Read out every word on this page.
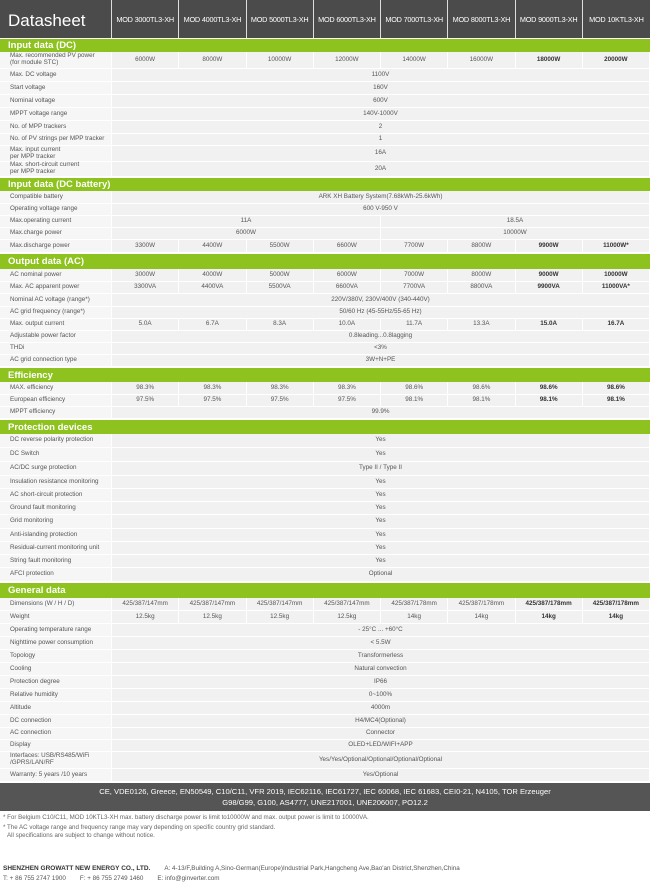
Datasheet	MOD 3000TL3-XH	MOD 4000TL3-XH	MOD 5000TL3-XH	MOD 6000TL3-XH	MOD 7000TL3-XH	MOD 8000TL3-XH	MOD 9000TL3-XH	MOD 10KTL3-XH
Input data (DC)
Max. recommended PV power
(for module STC)	6000W	8000W	10000W	12000W	14000W	16000W	18000W	20000W
Max. DC voltage	1100V
Start voltage	160V
Nominal voltage	600V
MPPT voltage range	140V-1000V
No. of MPP trackers	2
No. of PV strings per MPP tracker	1
Max. input current
per MPP tracker	16A
Max. short-circuit current
per MPP tracker	20A
Input data (DC battery)
Compatible battery	ARK XH Battery System(7.68kWh-25.6kWh)
Operating voltage range	600 V-950 V
Max.operating current	11A	18.5A
Max.charge power	6000W	10000W
Max.discharge power	3300W	4400W	5500W	6600W	7700W	8800W	9900W	11000W*
Output data (AC)
AC nominal power	3000W	4000W	5000W	6000W	7000W	8000W	9000W	10000W
Max. AC apparent power	3300VA	4400VA	5500VA	6600VA	7700VA	8800VA	9900VA	11000VA*
Nominal AC voltage (range*)	220V/380V, 230V/400V (340-440V)
AC grid frequency (range*)	50/60 Hz (45-55Hz/55-65 Hz)
Max. output current	5.0A	6.7A	8.3A	10.0A	11.7A	13.3A	15.0A	16.7A
Adjustable power factor	0.8leading...0.8lagging
THDi	<3%
AC grid connection type	3W+N+PE
Efficiency
MAX. efficiency	98.3%	98.3%	98.3%	98.3%	98.6%	98.6%	98.6%	98.6%
European efficiency	97.5%	97.5%	97.5%	97.5%	98.1%	98.1%	98.1%	98.1%
MPPT efficiency	99.9%
Protection devices
DC reverse polarity protection	Yes
DC Switch	Yes
AC/DC surge protection	Type II / Type II
Insulation resistance monitoring	Yes
AC short-circuit protection	Yes
Ground fault monitoring	Yes
Grid monitoring	Yes
Anti-islanding protection	Yes
Residual-current monitoring unit	Yes
String fault monitoring	Yes
AFCI protection	Optional
General data
Dimensions (W / H / D)	425/387/147mm	425/387/147mm	425/387/147mm	425/387/147mm	425/387/178mm	425/387/178mm	425/387/178mm	425/387/178mm
Weight	12.5kg	12.5kg	12.5kg	12.5kg	14kg	14kg	14kg	14kg
Operating temperature range	- 25°C ... +60°C
Nighttime power consumption	< 5.5W
Topology	Transformerless
Cooling	Natural convection
Protection degree	IP66
Relative humidity	0~100%
Altitude	4000m
DC connection	H4/MC4(Optional)
AC connection	Connector
Display	OLED+LED/WIFI+APP
Interfaces: USB/RS485/WiFi
/GPRS/LAN/RF	Yes/Yes/Optional/Optional/Optional/Optional
Warranty: 5 years /10 years	Yes/Optional
CE, VDE0126, Greece, EN50549, C10/C11, VFR 2019, IEC62116, IEC61727, IEC 60068, IEC 61683, CEI0-21, N4105, TOR Erzeuger
G98/G99, G100, AS4777, UNE217001, UNE206007, PO12.2
* For Belgium C10/C11, MOD 10KTL3-XH max. battery discharge power is limit to10000W and max. output power is limit to 10000VA.
* The AC voltage range and frequency range may vary depending on specific country grid standard.
All specifications are subject to change without notice.
SHENZHEN GROWATT NEW ENERGY CO., LTD. A: 4-13/F,Building A,Sino-German(Europe)Industrial Park,Hangcheng Ave,Bao'an District,Shenzhen,China
T: + 86 755 2747 1900 F: + 86 755 2749 1460 E: info@ginverter.com
